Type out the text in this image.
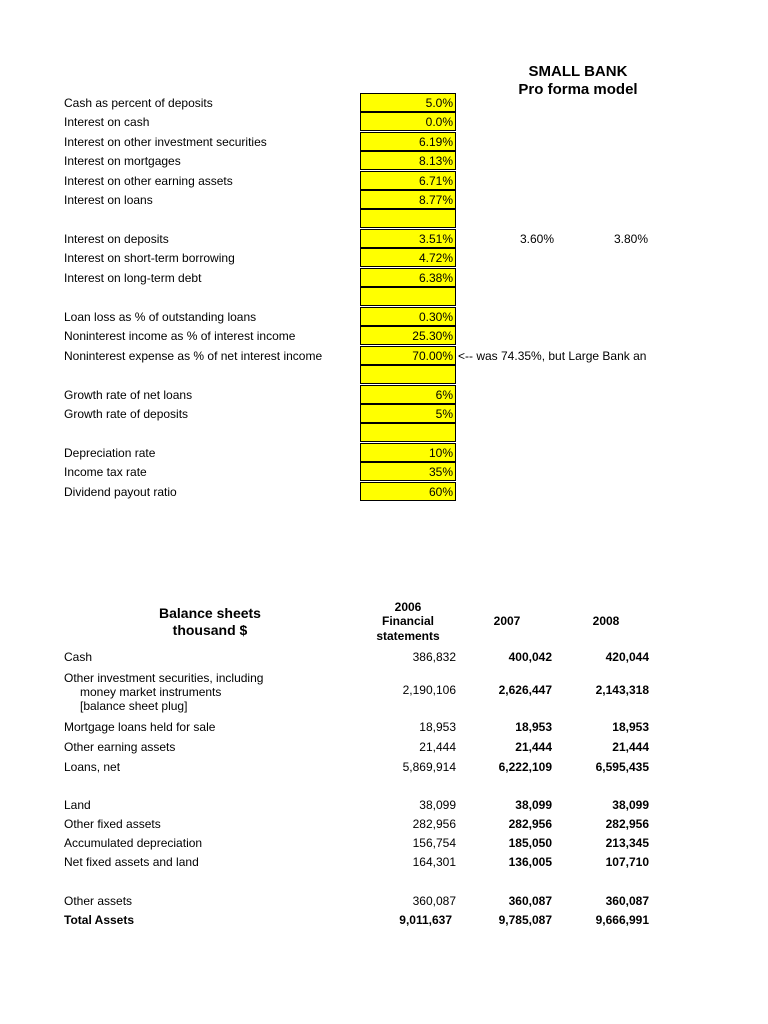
SMALL BANK
Pro forma model
Cash as percent of deposits	5.0%
Interest on cash	0.0%
Interest on other investment securities	6.19%
Interest on mortgages	8.13%
Interest on other earning assets	6.71%
Interest on loans	8.77%
Interest on deposits	3.51%	3.60%	3.80%
Interest on short-term borrowing	4.72%
Interest on long-term debt	6.38%
Loan loss as % of outstanding loans	0.30%
Noninterest income as % of interest income	25.30%
Noninterest expense as % of net interest income	70.00% <-- was 74.35%, but Large Bank an
Growth rate of net loans	6%
Growth rate of deposits	5%
Depreciation rate	10%
Income tax rate	35%
Dividend payout ratio	60%
Balance sheets
thousand $
2006
Financial
statements
2007	2008
Cash	386,832	400,042	420,044
Other investment securities, including
money market instruments
[balance sheet plug]
2,190,106	2,626,447	2,143,318
Mortgage loans held for sale	18,953	18,953	18,953
Other earning assets	21,444	21,444	21,444
Loans, net	5,869,914	6,222,109	6,595,435
Land	38,099	38,099	38,099
Other fixed assets	282,956	282,956	282,956
Accumulated depreciation	156,754	185,050	213,345
Net fixed assets and land	164,301	136,005	107,710
Other assets	360,087	360,087	360,087
Total Assets	9,011,637	9,785,087	9,666,991
